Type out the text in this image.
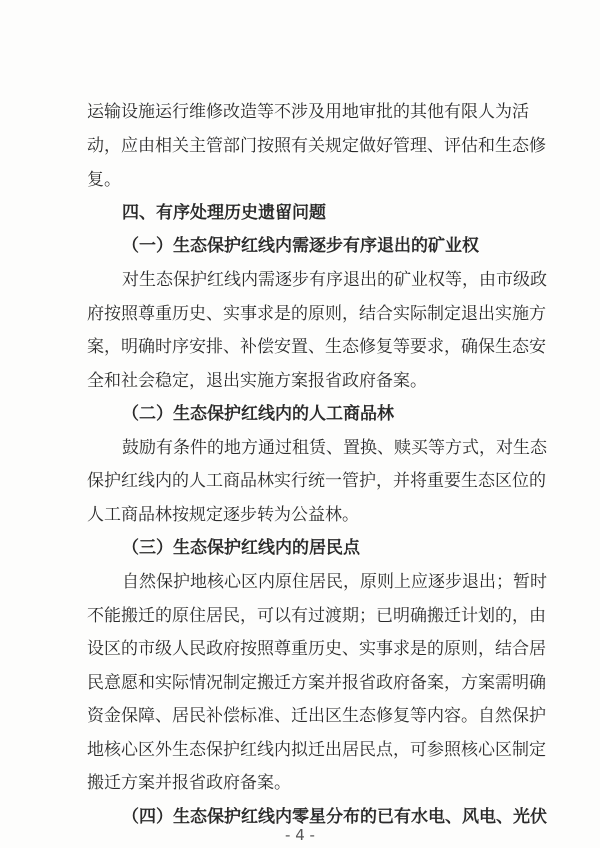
运输设施运行维修改造等不涉及用地审批的其他有限人为活
动，应由相关主管部门按照有关规定做好管理、评估和生态修
复。
四、有序处理历史遗留问题
（一）生态保护红线内需逐步有序退出的矿业权
对生态保护红线内需逐步有序退出的矿业权等，由市级政
府按照尊重历史、实事求是的原则，结合实际制定退出实施方
案，明确时序安排、补偿安置、生态修复等要求，确保生态安
全和社会稳定，退出实施方案报省政府备案。
（二）生态保护红线内的人工商品林
鼓励有条件的地方通过租赁、置换、赎买等方式，对生态
保护红线内的人工商品林实行统一管护，并将重要生态区位的
人工商品林按规定逐步转为公益林。
（三）生态保护红线内的居民点
自然保护地核心区内原住居民，原则上应逐步退出；暂时
不能搬迁的原住居民，可以有过渡期；已明确搬迁计划的，由
设区的市级人民政府按照尊重历史、实事求是的原则，结合居
民意愿和实际情况制定搬迁方案并报省政府备案，方案需明确
资金保障、居民补偿标准、迁出区生态修复等内容。自然保护
地核心区外生态保护红线内拟迁出居民点，可参照核心区制定
搬迁方案并报省政府备案。
（四）生态保护红线内零星分布的已有水电、风电、光伏
- 4 -
